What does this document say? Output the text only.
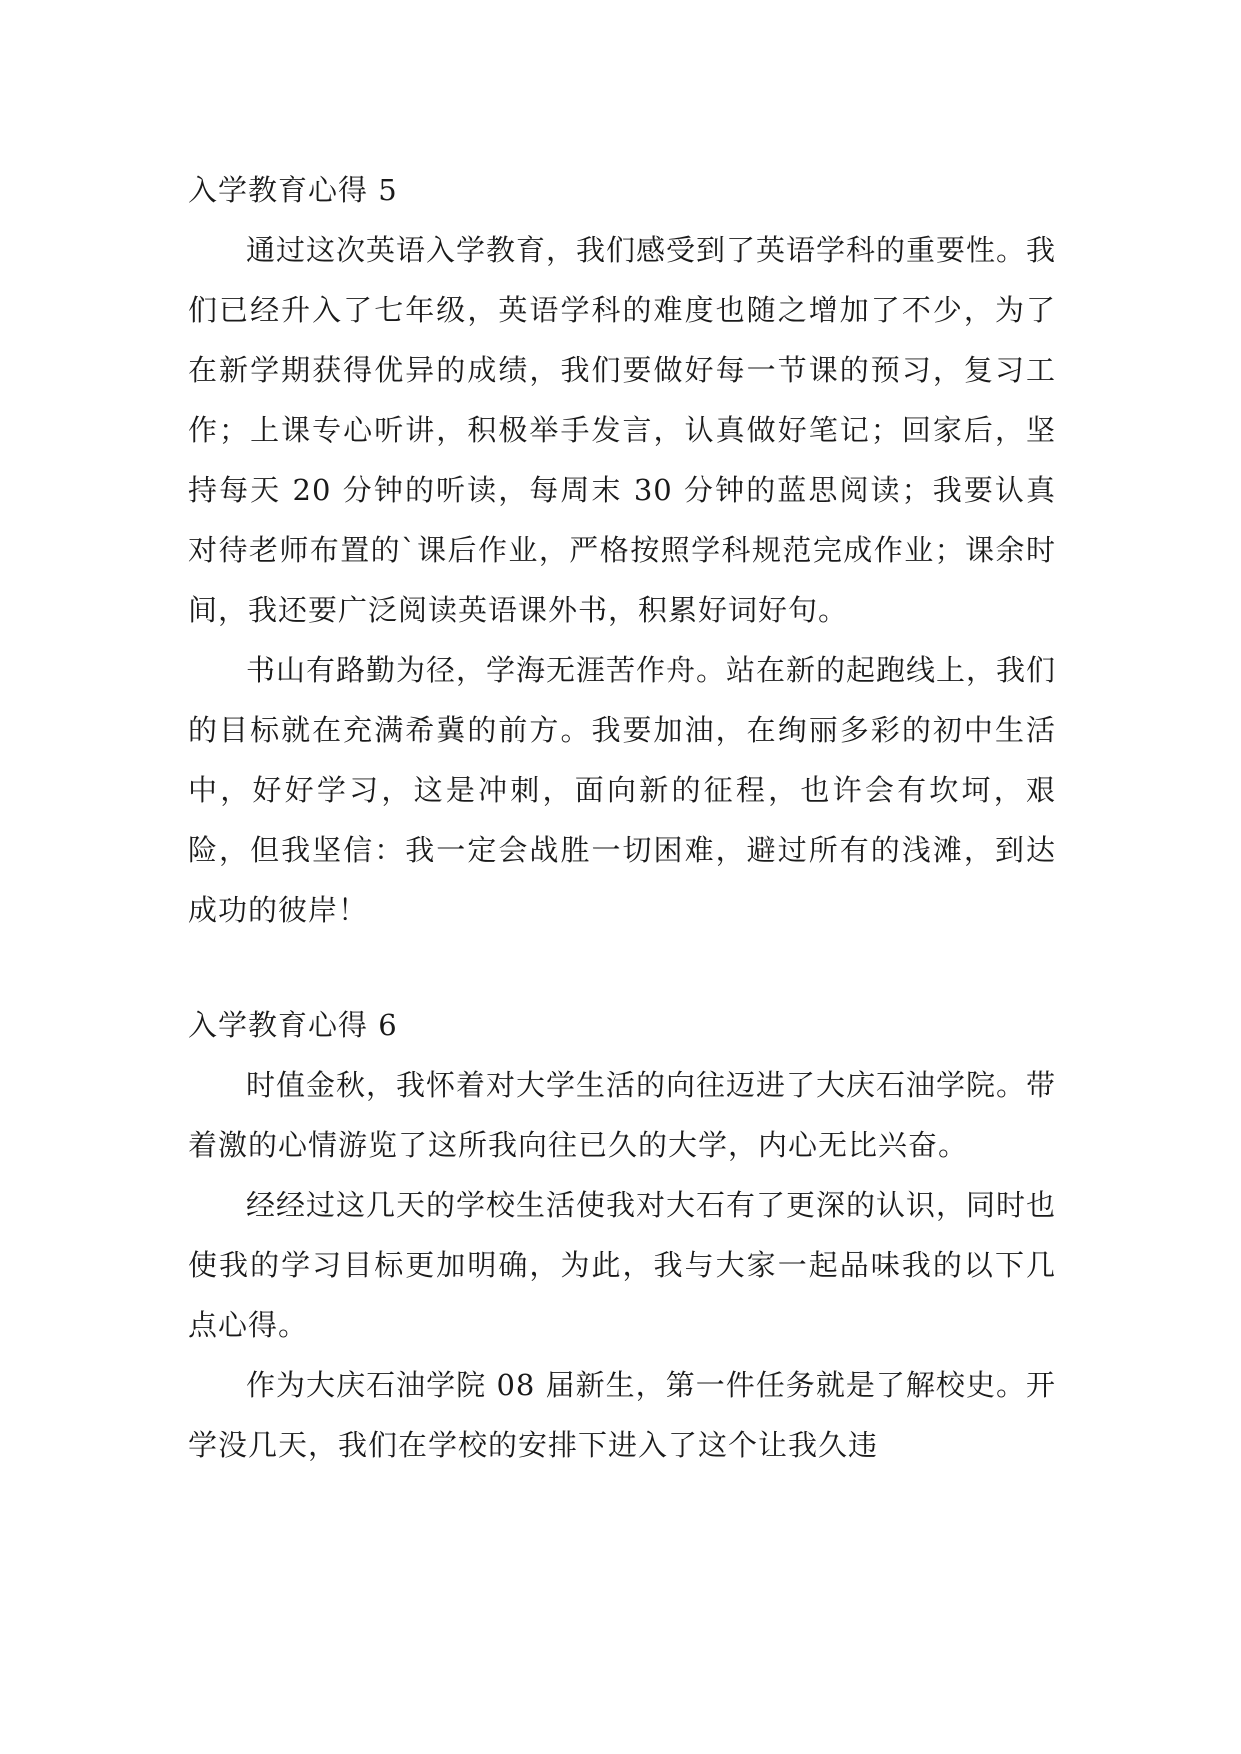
入学教育心得 5

通过这次英语入学教育，我们感受到了英语学科的重要性。我们已经升入了七年级，英语学科的难度也随之增加了不少，为了在新学期获得优异的成绩，我们要做好每一节课的预习，复习工作；上课专心听讲，积极举手发言，认真做好笔记；回家后，坚持每天 20 分钟的听读，每周末 30 分钟的蓝思阅读；我要认真对待老师布置的`课后作业，严格按照学科规范完成作业；课余时间，我还要广泛阅读英语课外书，积累好词好句。

书山有路勤为径，学海无涯苦作舟。站在新的起跑线上，我们的目标就在充满希冀的前方。我要加油，在绚丽多彩的初中生活中，好好学习，这是冲刺，面向新的征程，也许会有坎坷，艰险，但我坚信：我一定会战胜一切困难，避过所有的浅滩，到达成功的彼岸！

入学教育心得 6

时值金秋，我怀着对大学生活的向往迈进了大庆石油学院。带着激的心情游览了这所我向往已久的大学，内心无比兴奋。

经经过这几天的学校生活使我对大石有了更深的认识，同时也使我的学习目标更加明确，为此，我与大家一起品味我的以下几点心得。

作为大庆石油学院 08 届新生，第一件任务就是了解校史。开学没几天，我们在学校的安排下进入了这个让我久违
